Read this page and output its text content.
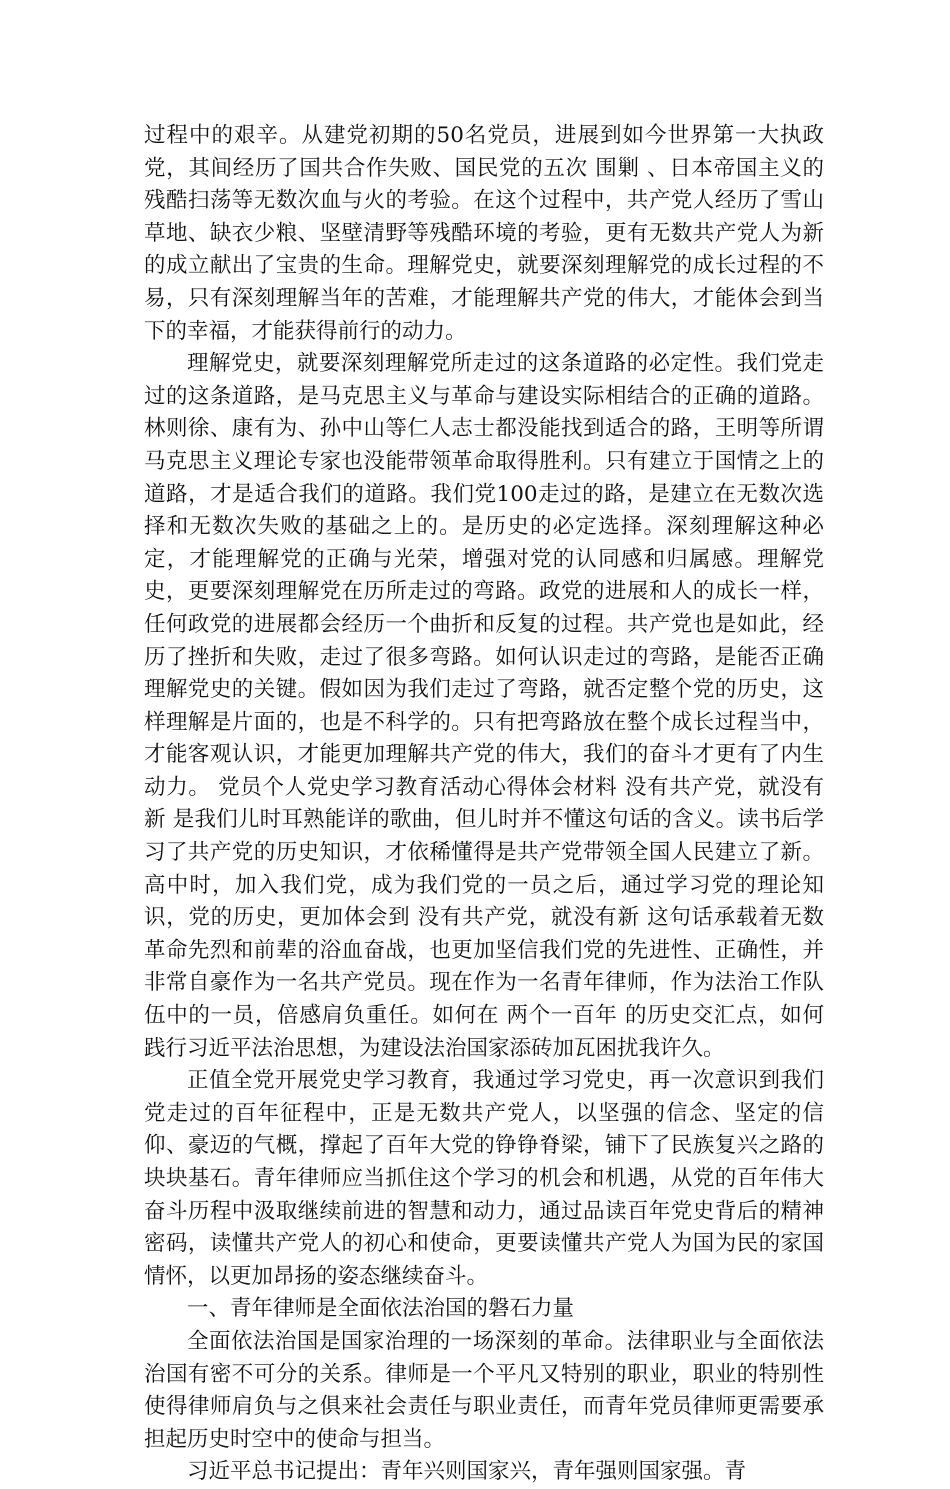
过程中的艰辛。从建党初期的50名党员，进展到如今世界第一大执政党，其间经历了国共合作失败、国民党的五次 围剿 、日本帝国主义的残酷扫荡等无数次血与火的考验。在这个过程中，共产党人经历了雪山草地、缺衣少粮、坚壁清野等残酷环境的考验，更有无数共产党人为新的成立献出了宝贵的生命。理解党史，就要深刻理解党的成长过程的不易，只有深刻理解当年的苦难，才能理解共产党的伟大，才能体会到当下的幸福，才能获得前行的动力。

理解党史，就要深刻理解党所走过的这条道路的必定性。我们党走过的这条道路，是马克思主义与革命与建设实际相结合的正确的道路。林则徐、康有为、孙中山等仁人志士都没能找到适合的路，王明等所谓马克思主义理论专家也没能带领革命取得胜利。只有建立于国情之上的道路，才是适合我们的道路。我们党100走过的路，是建立在无数次选择和无数次失败的基础之上的。是历史的必定选择。深刻理解这种必定，才能理解党的正确与光荣，增强对党的认同感和归属感。理解党史，更要深刻理解党在历所走过的弯路。政党的进展和人的成长一样，任何政党的进展都会经历一个曲折和反复的过程。共产党也是如此，经历了挫折和失败，走过了很多弯路。如何认识走过的弯路，是能否正确理解党史的关键。假如因为我们走过了弯路，就否定整个党的历史，这样理解是片面的，也是不科学的。只有把弯路放在整个成长过程当中，才能客观认识，才能更加理解共产党的伟大，我们的奋斗才更有了内生动力。 党员个人党史学习教育活动心得体会材料 没有共产党，就没有新 是我们儿时耳熟能详的歌曲，但儿时并不懂这句话的含义。读书后学习了共产党的历史知识，才依稀懂得是共产党带领全国人民建立了新。高中时，加入我们党，成为我们党的一员之后，通过学习党的理论知识，党的历史，更加体会到 没有共产党，就没有新 这句话承载着无数革命先烈和前辈的浴血奋战，也更加坚信我们党的先进性、正确性，并非常自豪作为一名共产党员。现在作为一名青年律师，作为法治工作队伍中的一员，倍感肩负重任。如何在 两个一百年 的历史交汇点，如何践行习近平法治思想，为建设法治国家添砖加瓦困扰我许久。

正值全党开展党史学习教育，我通过学习党史，再一次意识到我们党走过的百年征程中，正是无数共产党人，以坚强的信念、坚定的信仰、豪迈的气概，撑起了百年大党的铮铮脊梁，铺下了民族复兴之路的块块基石。青年律师应当抓住这个学习的机会和机遇，从党的百年伟大奋斗历程中汲取继续前进的智慧和动力，通过品读百年党史背后的精神密码，读懂共产党人的初心和使命，更要读懂共产党人为国为民的家国情怀，以更加昂扬的姿态继续奋斗。

一、青年律师是全面依法治国的磐石力量

全面依法治国是国家治理的一场深刻的革命。法律职业与全面依法治国有密不可分的关系。律师是一个平凡又特别的职业，职业的特别性使得律师肩负与之俱来社会责任与职业责任，而青年党员律师更需要承担起历史时空中的使命与担当。

习近平总书记提出：青年兴则国家兴，青年强则国家强。青
